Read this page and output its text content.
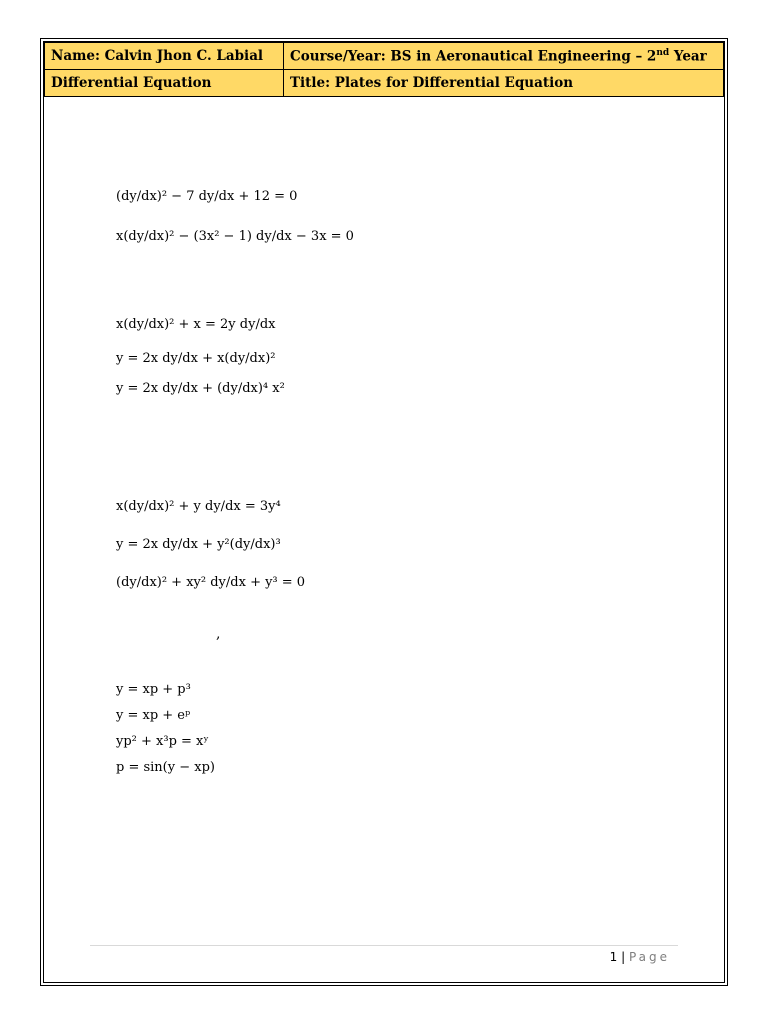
Name: Calvin Jhon C. Labial	Course/Year: BS in Aeronautical Engineering – 2nd Year
Differential Equation	Title: Plates for Differential Equation
(dy/dx)² − 7 dy/dx + 12 = 0
x(dy/dx)² − (3x² − 1) dy/dx − 3x = 0
x(dy/dx)² + x = 2y dy/dx
y = 2x dy/dx + x(dy/dx)²
y = 2x dy/dx + (dy/dx)⁴ x²
x(dy/dx)² + y dy/dx = 3y⁴
y = 2x dy/dx + y²(dy/dx)³
(dy/dx)² + xy² dy/dx + y³ = 0
,
y = xp + p³
y = xp + eᵖ
yp² + x³p = xʸ
p = sin(y − xp)
1 | Page
